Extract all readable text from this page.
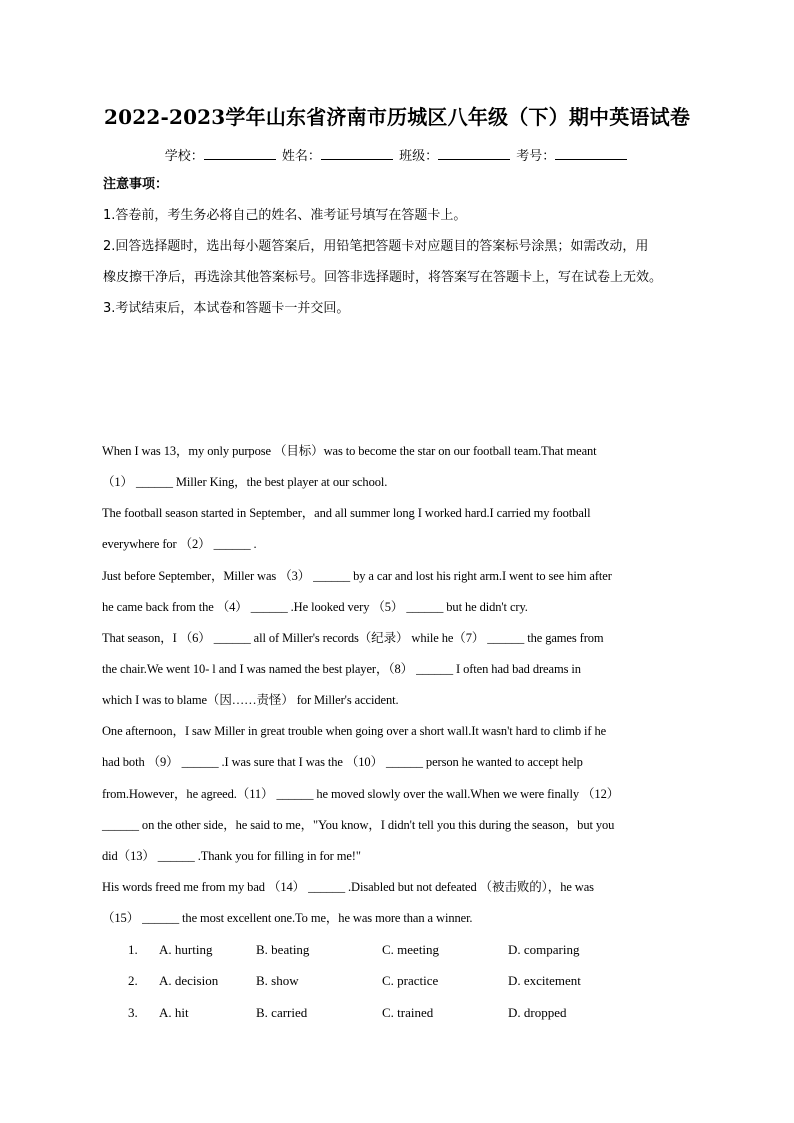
2022-2023学年山东省济南市历城区八年级（下）期中英语试卷
学校：	姓名：	班级：	考号：
注意事项：
1.答卷前，考生务必将自己的姓名、准考证号填写在答题卡上。
2.回答选择题时，选出每小题答案后，用铅笔把答题卡对应题目的答案标号涂黑；如需改动，用
橡皮擦干净后，再选涂其他答案标号。回答非选择题时，将答案写在答题卡上，写在试卷上无效。
3.考试结束后，本试卷和答题卡一并交回。
When I was 13，my only purpose （目标）was to become the star on our football team.That meant
（1） ______ Miller King，the best player at our school.
The football season started in September，and all summer long I worked hard.I carried my football
everywhere for （2） ______ .
Just before September，Miller was （3） ______ by a car and lost his right arm.I went to see him after
he came back from the （4） ______ .He looked very （5） ______ but he didn't cry.
That season，I （6） ______ all of Miller's records（纪录） while he（7） ______ the games from
the chair.We went 10- l and I was named the best player，（8） ______ I often had bad dreams in
which I was to blame（因……责怪） for Miller's accident.
One afternoon，I saw Miller in great trouble when going over a short wall.It wasn't hard to climb if he
had both （9） ______ .I was sure that I was the （10） ______ person he wanted to accept help
from.However，he agreed.（11） ______ he moved slowly over the wall.When we were finally （12）
______ on the other side，he said to me，"You know，I didn't tell you this during the season，but you
did（13） ______ .Thank you for filling in for me!"
His words freed me from my bad （14） ______ .Disabled but not defeated （被击败的），he was
（15） ______ the most excellent one.To me，he was more than a winner.
1. A. hurting	B. beating	C. meeting	D. comparing
2. A. decision	B. show	C. practice	D. excitement
3. A. hit	B. carried	C. trained	D. dropped
